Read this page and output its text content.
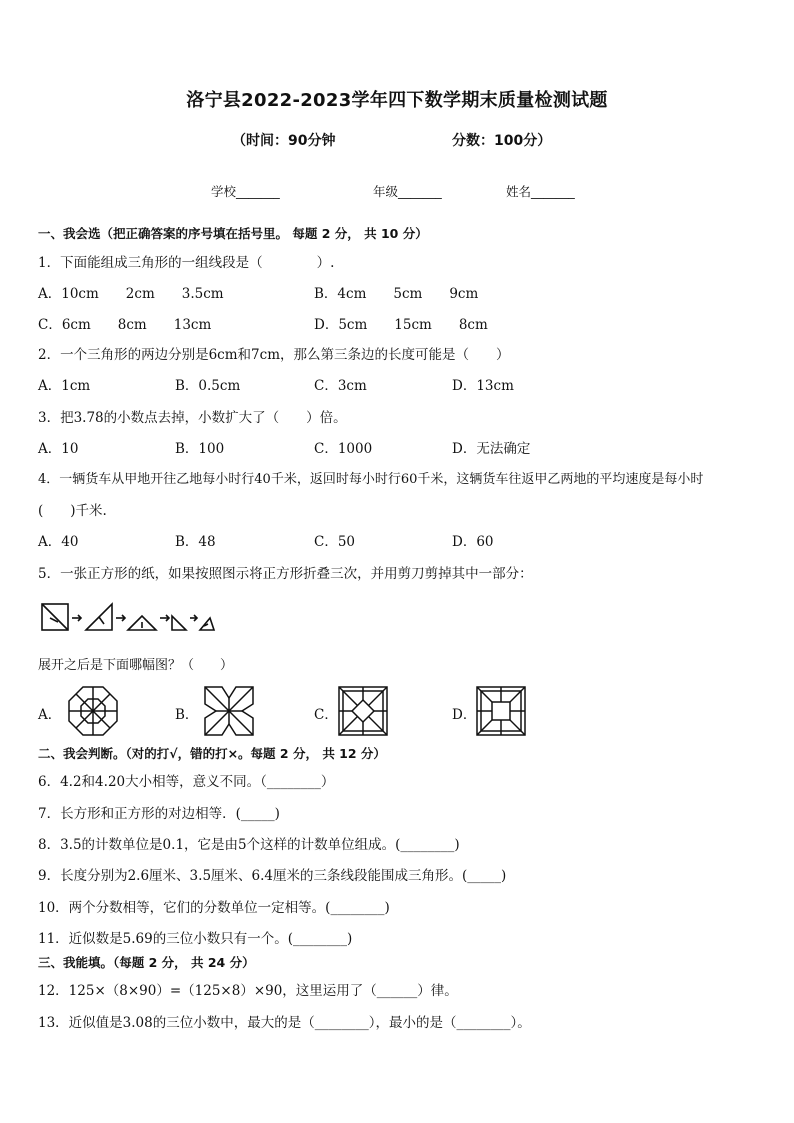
洛宁县2022-2023学年四下数学期末质量检测试题
（时间：90分钟	分数：100分）
学校_______	年级_______	姓名_______
一、我会选（把正确答案的序号填在括号里。 每题 2 分， 共 10 分）
1．下面能组成三角形的一组线段是（　　　　）.
A．10cm　　2cm　　3.5cm	B．4cm　　5cm　　9cm
C．6cm　　8cm　　13cm	D．5cm　　15cm　　8cm
2．一个三角形的两边分别是6cm和7cm，那么第三条边的长度可能是（　　）
A．1cm	B．0.5cm	C．3cm	D．13cm
3．把3.78的小数点去掉，小数扩大了（　　）倍。
A．10	B．100	C．1000	D．无法确定
4．一辆货车从甲地开往乙地每小时行40千米，返回时每小时行60千米，这辆货车往返甲乙两地的平均速度是每小时
(　　)千米.
A．40	B．48	C．50	D．60
5．一张正方形的纸，如果按照图示将正方形折叠三次，并用剪刀剪掉其中一部分：
展开之后是下面哪幅图？（　　）
A．	B．	C．	D．
二、我会判断。（对的打√，错的打×。每题 2 分， 共 12 分）
6．4.2和4.20大小相等，意义不同。（________）
7．长方形和正方形的对边相等．(_____)
8．3.5的计数单位是0.1，它是由5个这样的计数单位组成。(________)
9．长度分别为2.6厘米、3.5厘米、6.4厘米的三条线段能围成三角形。(_____)
10．两个分数相等，它们的分数单位一定相等。(________)
11．近似数是5.69的三位小数只有一个。(________)
三、我能填。（每题 2 分， 共 24 分）
12．125×（8×90）=（125×8）×90，这里运用了（______）律。
13．近似值是3.08的三位小数中，最大的是（________），最小的是（________）。
